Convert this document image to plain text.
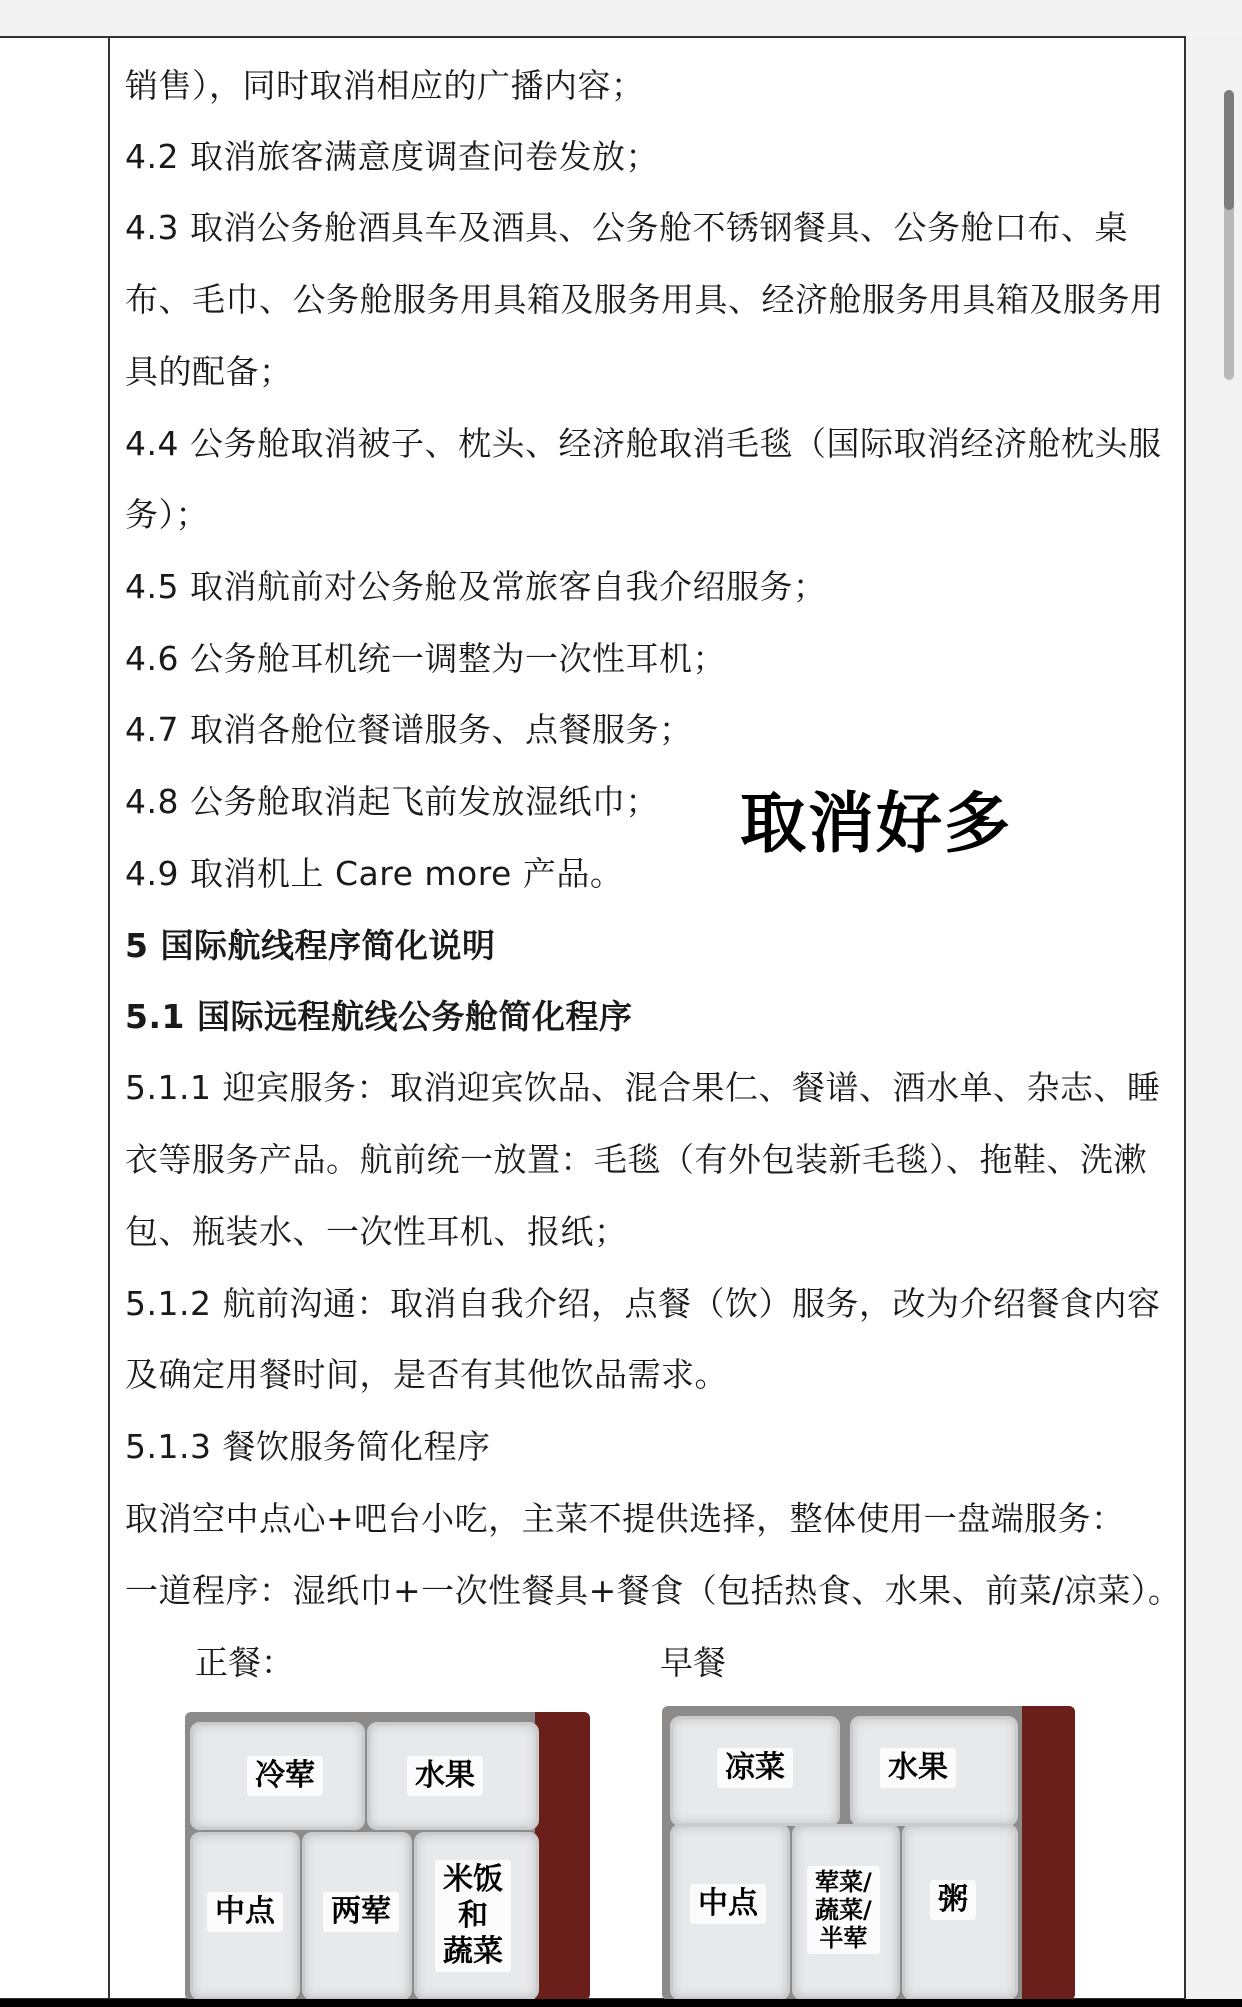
销售），同时取消相应的广播内容；
4.2 取消旅客满意度调查问卷发放；
4.3 取消公务舱酒具车及酒具、公务舱不锈钢餐具、公务舱口布、桌
布、毛巾、公务舱服务用具箱及服务用具、经济舱服务用具箱及服务用
具的配备；
4.4 公务舱取消被子、枕头、经济舱取消毛毯（国际取消经济舱枕头服
务）；
4.5 取消航前对公务舱及常旅客自我介绍服务；
4.6 公务舱耳机统一调整为一次性耳机；
4.7 取消各舱位餐谱服务、点餐服务；
4.8 公务舱取消起飞前发放湿纸巾；
4.9 取消机上 Care more 产品。
5 国际航线程序简化说明
5.1 国际远程航线公务舱简化程序
5.1.1 迎宾服务：取消迎宾饮品、混合果仁、餐谱、酒水单、杂志、睡
衣等服务产品。航前统一放置：毛毯（有外包装新毛毯）、拖鞋、洗漱
包、瓶装水、一次性耳机、报纸；
5.1.2 航前沟通：取消自我介绍，点餐（饮）服务，改为介绍餐食内容
及确定用餐时间，是否有其他饮品需求。
5.1.3 餐饮服务简化程序
取消空中点心+吧台小吃，主菜不提供选择，整体使用一盘端服务：
一道程序：湿纸巾+一次性餐具+餐食（包括热食、水果、前菜/凉菜）。
取消好多
正餐：	早餐
冷荤	水果
中点 两荤
米饭
和
蔬菜
凉菜	水果
中点
荤菜/
蔬菜/
半荤
粥
